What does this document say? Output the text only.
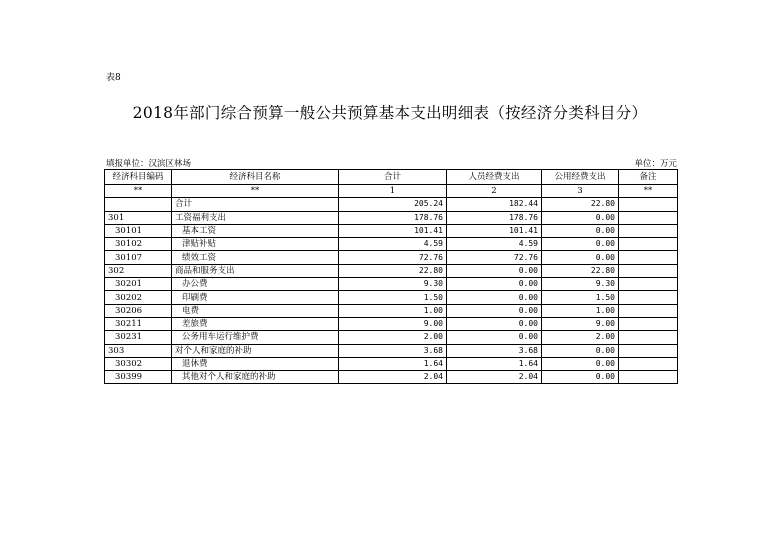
表8
2018年部门综合预算一般公共预算基本支出明细表（按经济分类科目分）
填报单位：汉滨区林场	单位：万元
经济科目编码	经济科目名称	合计	人员经费支出	公用经费支出	备注
**	**	1	2	3	**
	合计	205.24	182.44	22.80	
301	工资福利支出	178.76	178.76	0.00	
30101	基本工资	101.41	101.41	0.00	
30102	津贴补贴	4.59	4.59	0.00	
30107	绩效工资	72.76	72.76	0.00	
302	商品和服务支出	22.80	0.00	22.80	
30201	办公费	9.30	0.00	9.30	
30202	印刷费	1.50	0.00	1.50	
30206	电费	1.00	0.00	1.00	
30211	差旅费	9.00	0.00	9.00	
30231	公务用车运行维护费	2.00	0.00	2.00	
303	对个人和家庭的补助	3.68	3.68	0.00	
30302	退休费	1.64	1.64	0.00	
30399	其他对个人和家庭的补助	2.04	2.04	0.00	
